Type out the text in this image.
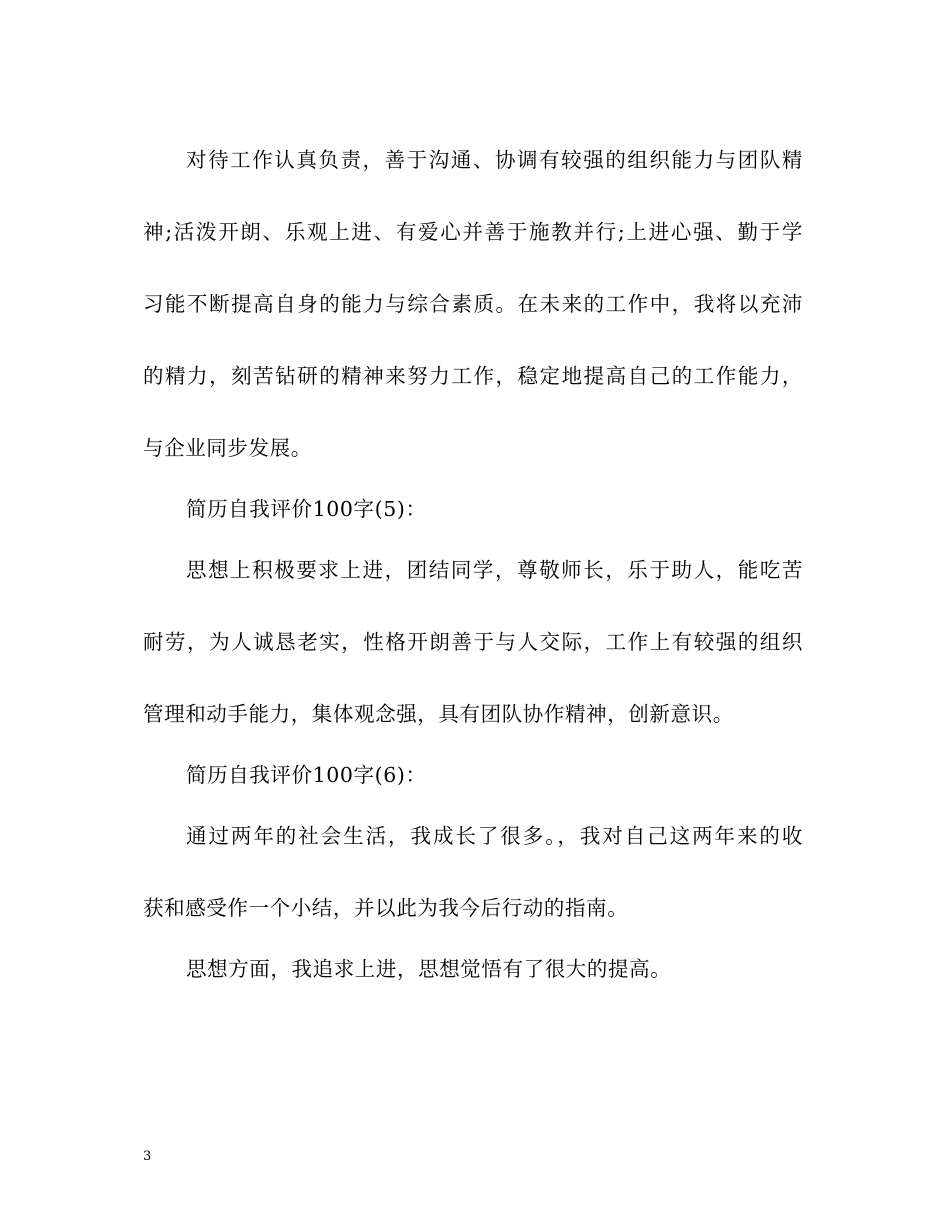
对待工作认真负责，善于沟通、协调有较强的组织能力与团队精
神;活泼开朗、乐观上进、有爱心并善于施教并行;上进心强、勤于学
习能不断提高自身的能力与综合素质。在未来的工作中，我将以充沛
的精力，刻苦钻研的精神来努力工作，稳定地提高自己的工作能力，
与企业同步发展。
简历自我评价100字(5)：
思想上积极要求上进，团结同学，尊敬师长，乐于助人，能吃苦
耐劳，为人诚恳老实，性格开朗善于与人交际，工作上有较强的组织
管理和动手能力，集体观念强，具有团队协作精神，创新意识。
简历自我评价100字(6)：
通过两年的社会生活，我成长了很多。，我对自己这两年来的收
获和感受作一个小结，并以此为我今后行动的指南。
思想方面，我追求上进，思想觉悟有了很大的提高。
3
